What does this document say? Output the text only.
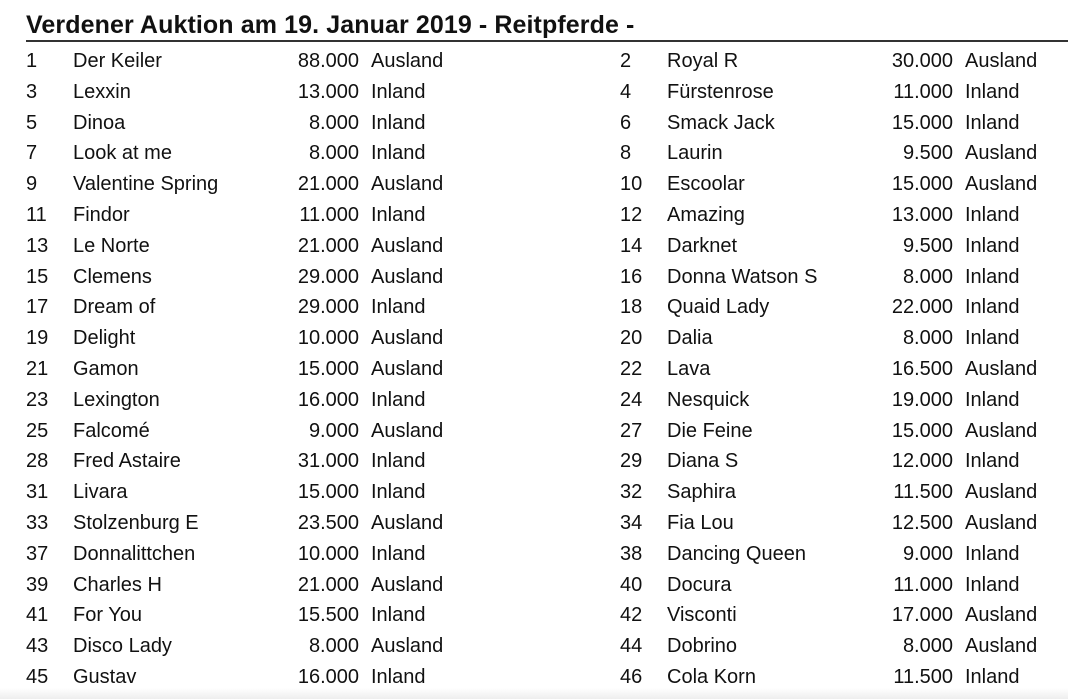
Verdener Auktion am 19. Januar 2019 - Reitpferde -
1	Der Keiler	88.000 Ausland
3	Lexxin	13.000 Inland
5	Dinoa	8.000 Inland
7	Look at me	8.000 Inland
9	Valentine Spring	21.000 Ausland
11	Findor	11.000 Inland
13	Le Norte	21.000 Ausland
15	Clemens	29.000 Ausland
17	Dream of	29.000 Inland
19	Delight	10.000 Ausland
21	Gamon	15.000 Ausland
23	Lexington	16.000 Inland
25	Falcomé	9.000 Ausland
28	Fred Astaire	31.000 Inland
31	Livara	15.000 Inland
33	Stolzenburg E	23.500 Ausland
37	Donnalittchen	10.000 Inland
39	Charles H	21.000 Ausland
41	For You	15.500 Inland
43	Disco Lady	8.000 Ausland
45	Gustav	16.000 Inland
2	Royal R	30.000 Ausland
4	Fürstenrose	11.000 Inland
6	Smack Jack	15.000 Inland
8	Laurin	9.500 Ausland
10	Escoolar	15.000 Ausland
12	Amazing	13.000 Inland
14	Darknet	9.500 Inland
16	Donna Watson S	8.000 Inland
18	Quaid Lady	22.000 Inland
20	Dalia	8.000 Inland
22	Lava	16.500 Ausland
24	Nesquick	19.000 Inland
27	Die Feine	15.000 Ausland
29	Diana S	12.000 Inland
32	Saphira	11.500 Ausland
34	Fia Lou	12.500 Ausland
38	Dancing Queen	9.000 Inland
40	Docura	11.000 Inland
42	Visconti	17.000 Ausland
44	Dobrino	8.000 Ausland
46	Cola Korn	11.500 Inland
